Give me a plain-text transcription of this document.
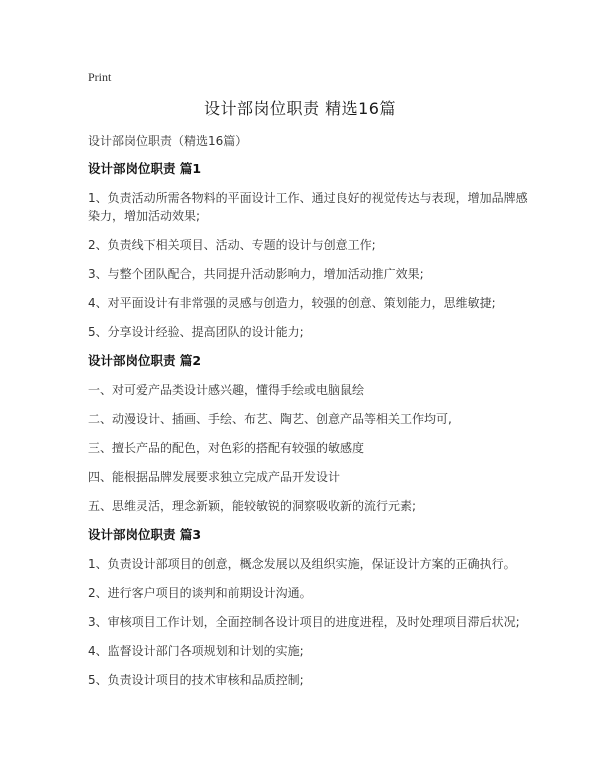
Print
设计部岗位职责 精选16篇
设计部岗位职责（精选16篇）
设计部岗位职责 篇1
1、负责活动所需各物料的平面设计工作、通过良好的视觉传达与表现，增加品牌感染力，增加活动效果;
2、负责线下相关项目、活动、专题的设计与创意工作;
3、与整个团队配合，共同提升活动影响力，增加活动推广效果;
4、对平面设计有非常强的灵感与创造力，较强的创意、策划能力，思维敏捷;
5、分享设计经验、提高团队的设计能力;
设计部岗位职责 篇2
一、对可爱产品类设计感兴趣，懂得手绘或电脑鼠绘
二、动漫设计、插画、手绘、布艺、陶艺、创意产品等相关工作均可,
三、擅长产品的配色，对色彩的搭配有较强的敏感度
四、能根据品牌发展要求独立完成产品开发设计
五、思维灵活，理念新颖，能较敏锐的洞察吸收新的流行元素;
设计部岗位职责 篇3
1、负责设计部项目的创意，概念发展以及组织实施，保证设计方案的正确执行。
2、进行客户项目的谈判和前期设计沟通。
3、审核项目工作计划，全面控制各设计项目的进度进程，及时处理项目滞后状况;
4、监督设计部门各项规划和计划的实施;
5、负责设计项目的技术审核和品质控制;
